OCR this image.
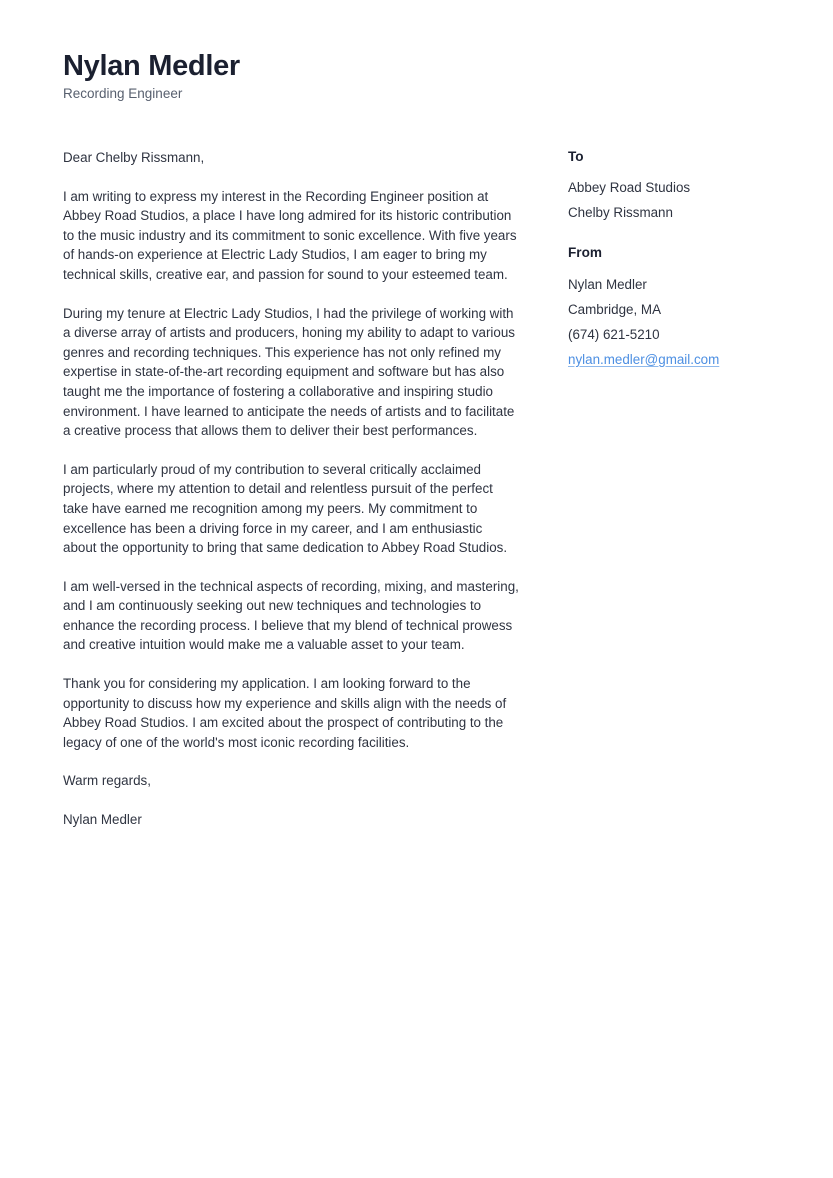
Nylan Medler

Recording Engineer

Dear Chelby Rissmann,

I am writing to express my interest in the Recording Engineer position at Abbey Road Studios, a place I have long admired for its historic contribution to the music industry and its commitment to sonic excellence. With five years of hands-on experience at Electric Lady Studios, I am eager to bring my technical skills, creative ear, and passion for sound to your esteemed team.

During my tenure at Electric Lady Studios, I had the privilege of working with a diverse array of artists and producers, honing my ability to adapt to various genres and recording techniques. This experience has not only refined my expertise in state-of-the-art recording equipment and software but has also taught me the importance of fostering a collaborative and inspiring studio environment. I have learned to anticipate the needs of artists and to facilitate a creative process that allows them to deliver their best performances.

I am particularly proud of my contribution to several critically acclaimed projects, where my attention to detail and relentless pursuit of the perfect take have earned me recognition among my peers. My commitment to excellence has been a driving force in my career, and I am enthusiastic about the opportunity to bring that same dedication to Abbey Road Studios.

I am well-versed in the technical aspects of recording, mixing, and mastering, and I am continuously seeking out new techniques and technologies to enhance the recording process. I believe that my blend of technical prowess and creative intuition would make me a valuable asset to your team.

Thank you for considering my application. I am looking forward to the opportunity to discuss how my experience and skills align with the needs of Abbey Road Studios. I am excited about the prospect of contributing to the legacy of one of the world's most iconic recording facilities.

Warm regards,

Nylan Medler

To

Abbey Road Studios

Chelby Rissmann

From

Nylan Medler

Cambridge, MA

(674) 621-5210

nylan.medler@gmail.com
